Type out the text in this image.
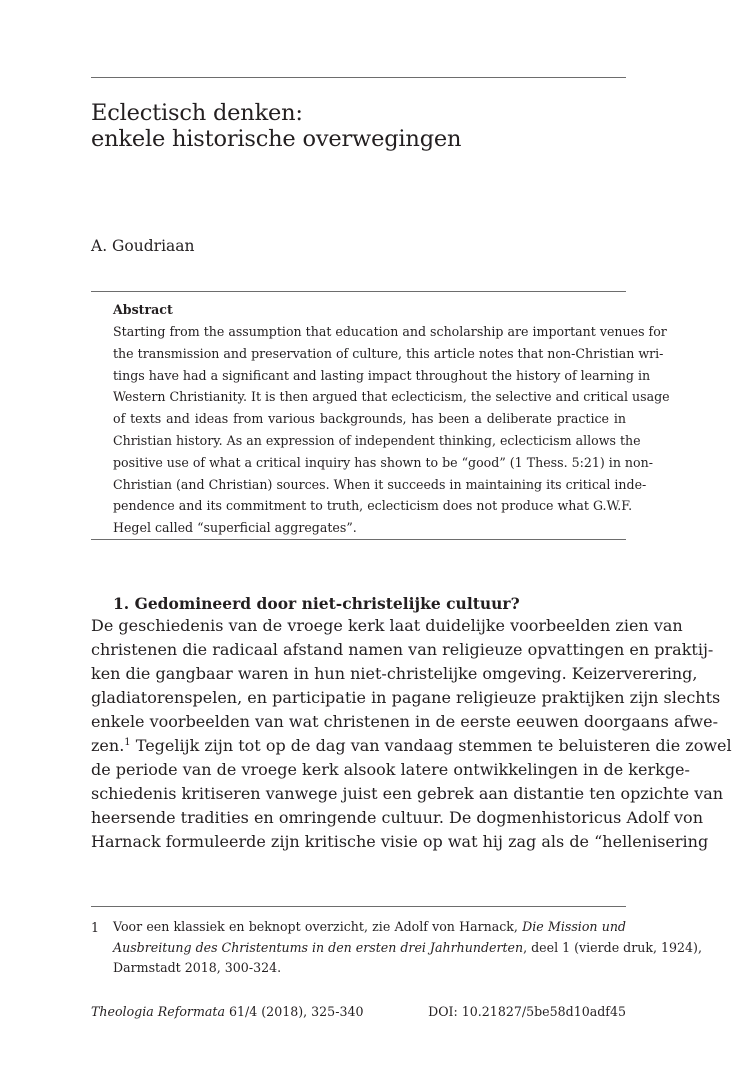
Eclectisch denken:
enkele historische overwegingen
A. Goudriaan
Abstract
Starting from the assumption that education and scholarship are important venues for
the transmission and preservation of culture, this article notes that non-Christian wri-
tings have had a significant and lasting impact throughout the history of learning in
Western Christianity. It is then argued that eclecticism, the selective and critical usage
of texts and ideas from various backgrounds, has been a deliberate practice in
Christian history. As an expression of independent thinking, eclecticism allows the
positive use of what a critical inquiry has shown to be “good” (1 Thess. 5:21) in non-
Christian (and Christian) sources. When it succeeds in maintaining its critical inde-
pendence and its commitment to truth, eclecticism does not produce what G.W.F.
Hegel called “superficial aggregates”.
1. Gedomineerd door niet-christelijke cultuur?
De geschiedenis van de vroege kerk laat duidelijke voorbeelden zien van
christenen die radicaal afstand namen van religieuze opvattingen en praktij-
ken die gangbaar waren in hun niet-christelijke omgeving. Keizerverering,
gladiatorenspelen, en participatie in pagane religieuze praktijken zijn slechts
enkele voorbeelden van wat christenen in de eerste eeuwen doorgaans afwe-
zen.$^1$ Tegelijk zijn tot op de dag van vandaag stemmen te beluisteren die zowel
de periode van de vroege kerk alsook latere ontwikkelingen in de kerkge-
schiedenis kritiseren vanwege juist een gebrek aan distantie ten opzichte van
heersende tradities en omringende cultuur. De dogmenhistoricus Adolf von
Harnack formuleerde zijn kritische visie op wat hij zag als de “hellenisering
1 Voor een klassiek en beknopt overzicht, zie Adolf von Harnack, Die Mission und
Ausbreitung des Christentums in den ersten drei Jahrhunderten, deel 1 (vierde druk, 1924),
Darmstadt 2018, 300-324.
Theologia Reformata 61/4 (2018), 325-340	DOI: 10.21827/5be58d10adf45
